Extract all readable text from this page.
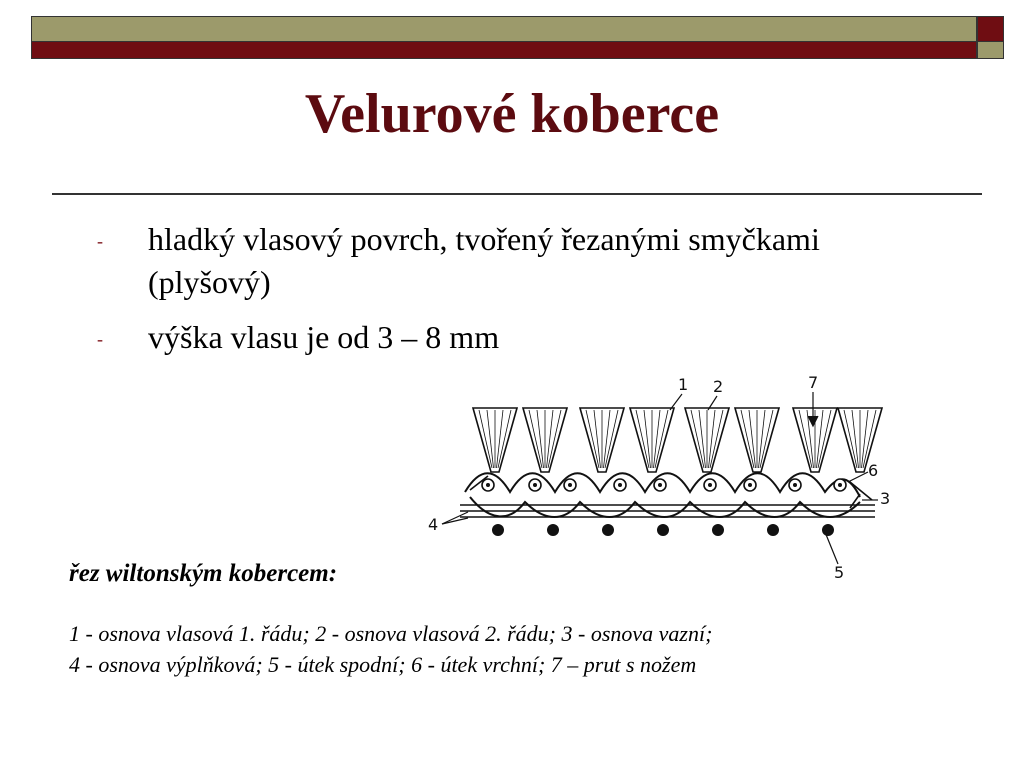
Velurové koberce
- hladký vlasový povrch, tvořený řezanými smyčkami (plyšový)
- výška vlasu je od 3 – 8 mm
1 2	7
6
3
4
5
řez wiltonským kobercem:
1 - osnova vlasová 1. řádu; 2 - osnova vlasová 2. řádu; 3 - osnova vazní;
4 - osnova výplňková; 5 - útek spodní; 6 - útek vrchní; 7 – prut s nožem
